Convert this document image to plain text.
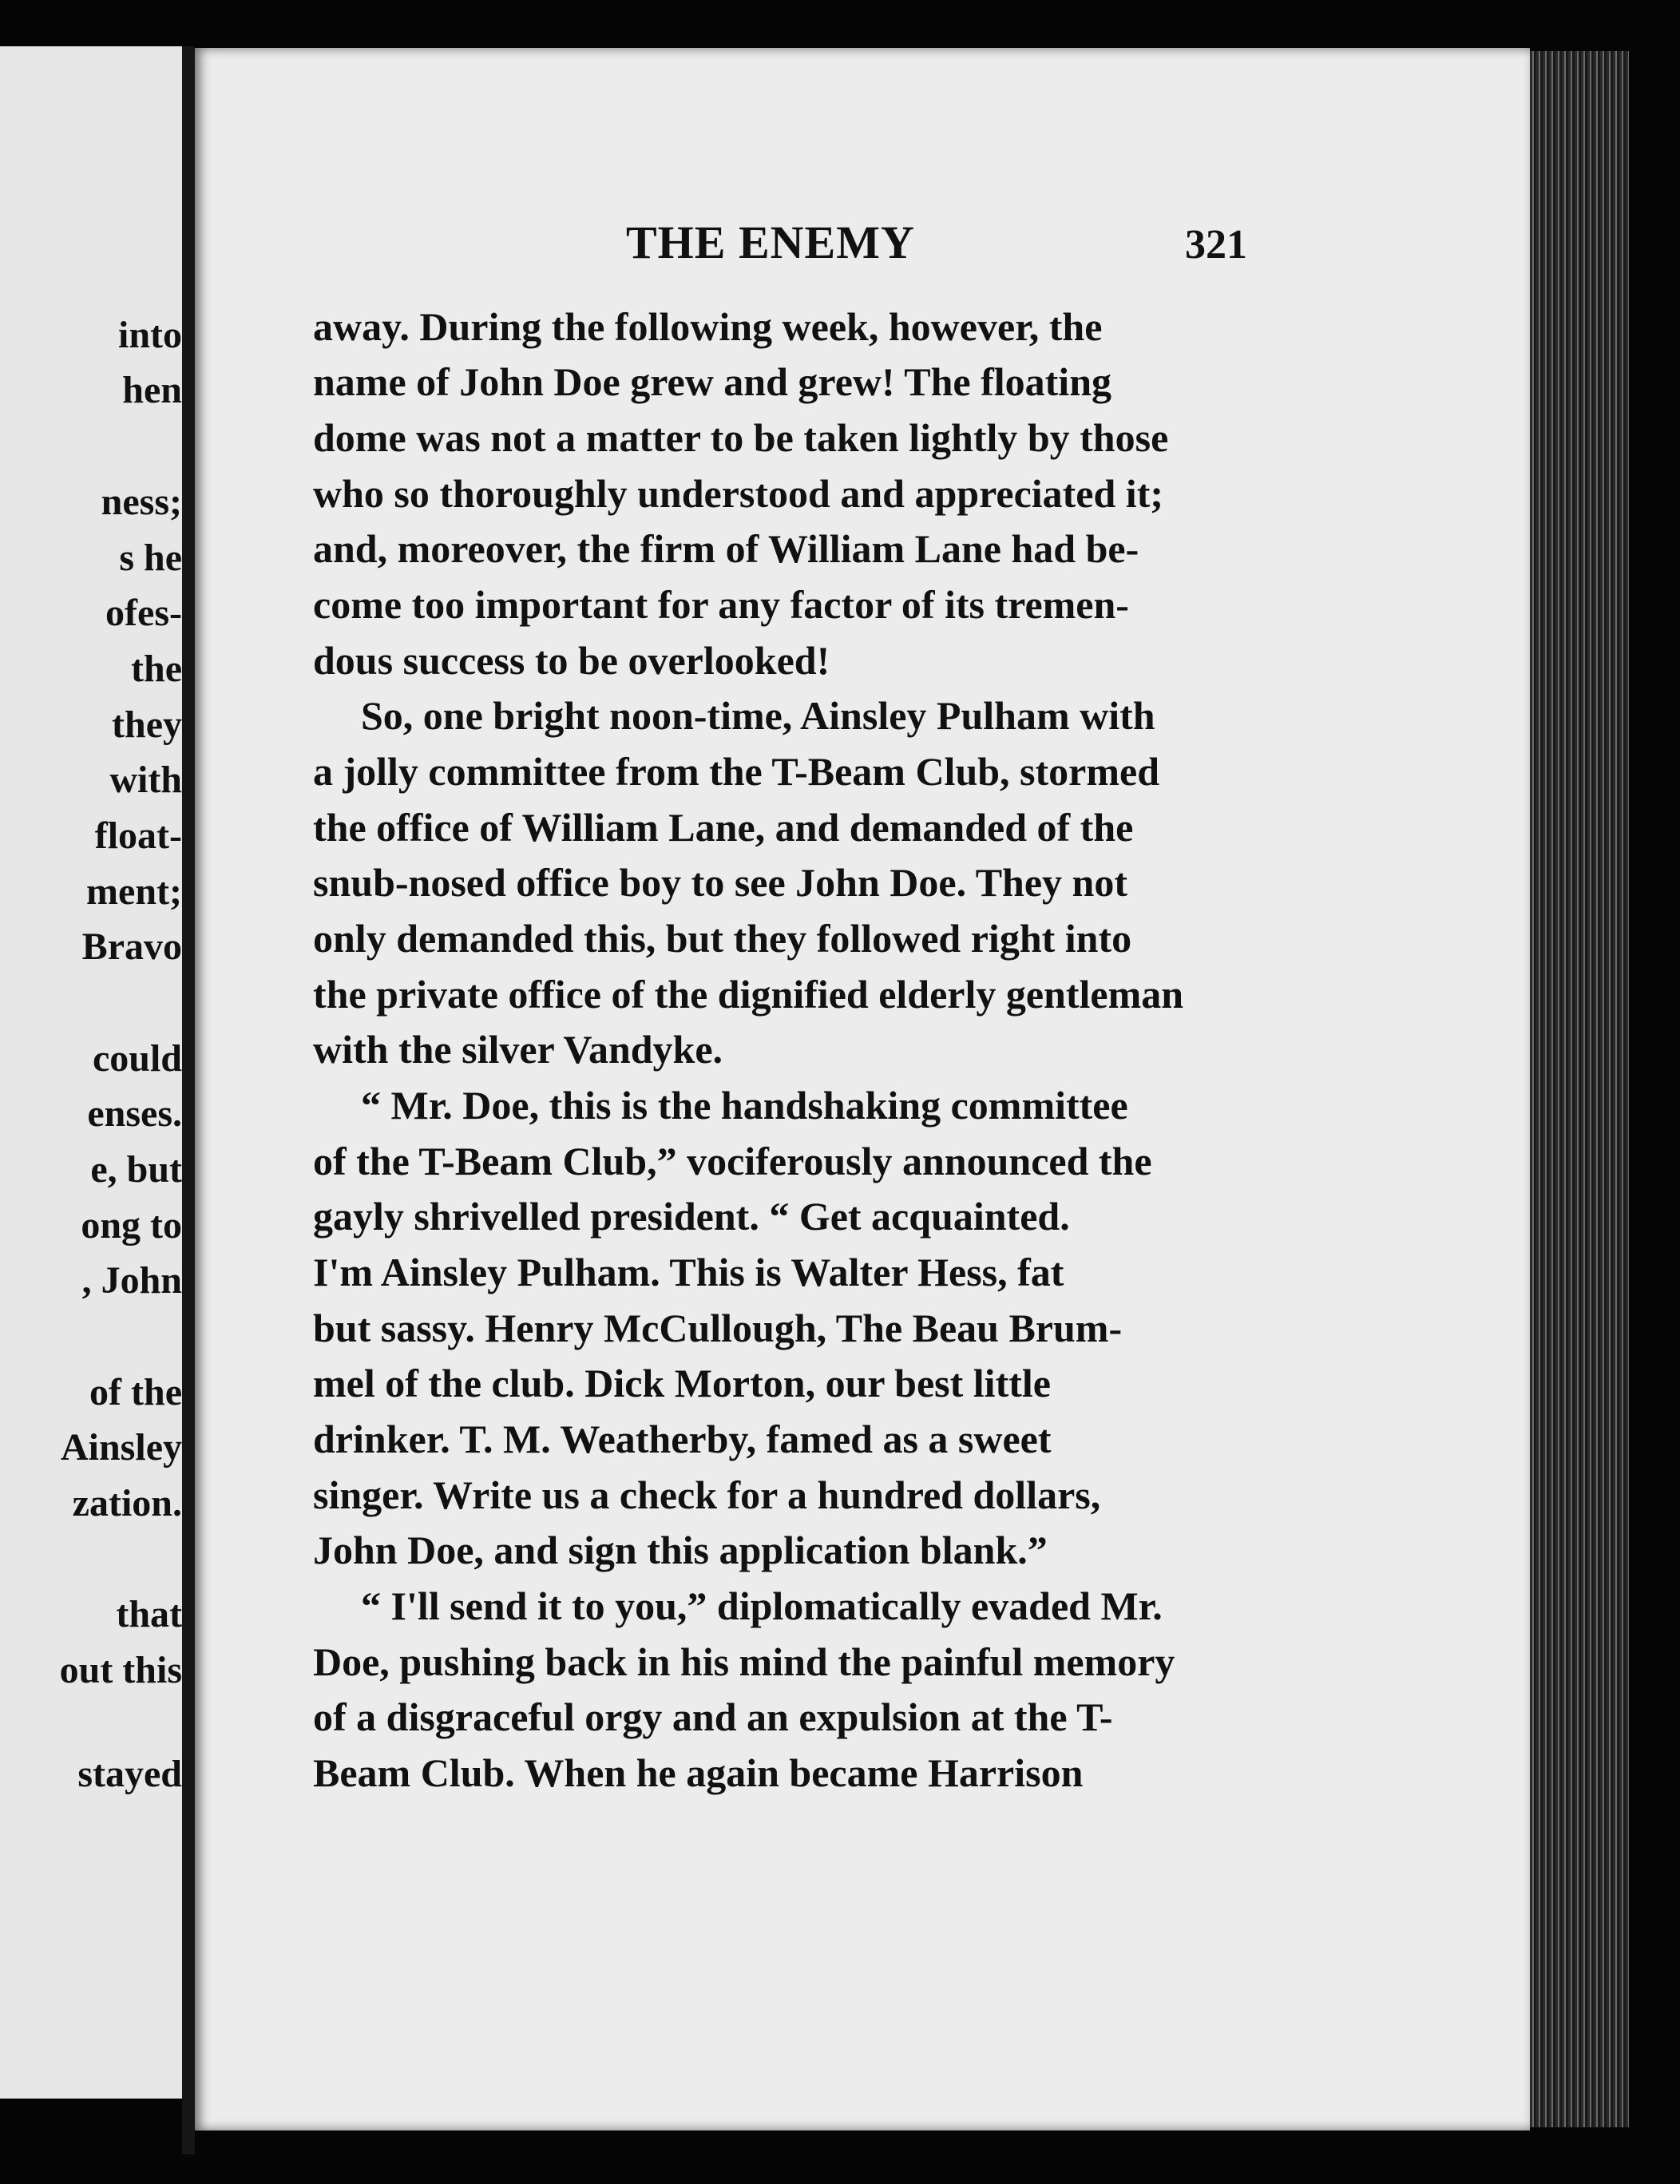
into
hen
ness;
s he
ofes-
the
they
with
float-
ment;
Bravo
could
enses.
e, but
ong to
, John
of the
Ainsley
zation.
that
out this
stayed
THE ENEMY	321
away. During the following week, however, the
name of John Doe grew and grew! The floating
dome was not a matter to be taken lightly by those
who so thoroughly understood and appreciated it;
and, moreover, the firm of William Lane had be-
come too important for any factor of its tremen-
dous success to be overlooked!
So, one bright noon-time, Ainsley Pulham with
a jolly committee from the T-Beam Club, stormed
the office of William Lane, and demanded of the
snub-nosed office boy to see John Doe. They not
only demanded this, but they followed right into
the private office of the dignified elderly gentleman
with the silver Vandyke.
“ Mr. Doe, this is the handshaking committee
of the T-Beam Club,” vociferously announced the
gayly shrivelled president. “ Get acquainted.
I'm Ainsley Pulham. This is Walter Hess, fat
but sassy. Henry McCullough, The Beau Brum-
mel of the club. Dick Morton, our best little
drinker. T. M. Weatherby, famed as a sweet
singer. Write us a check for a hundred dollars,
John Doe, and sign this application blank.”
“ I'll send it to you,” diplomatically evaded Mr.
Doe, pushing back in his mind the painful memory
of a disgraceful orgy and an expulsion at the T-
Beam Club. When he again became Harrison
